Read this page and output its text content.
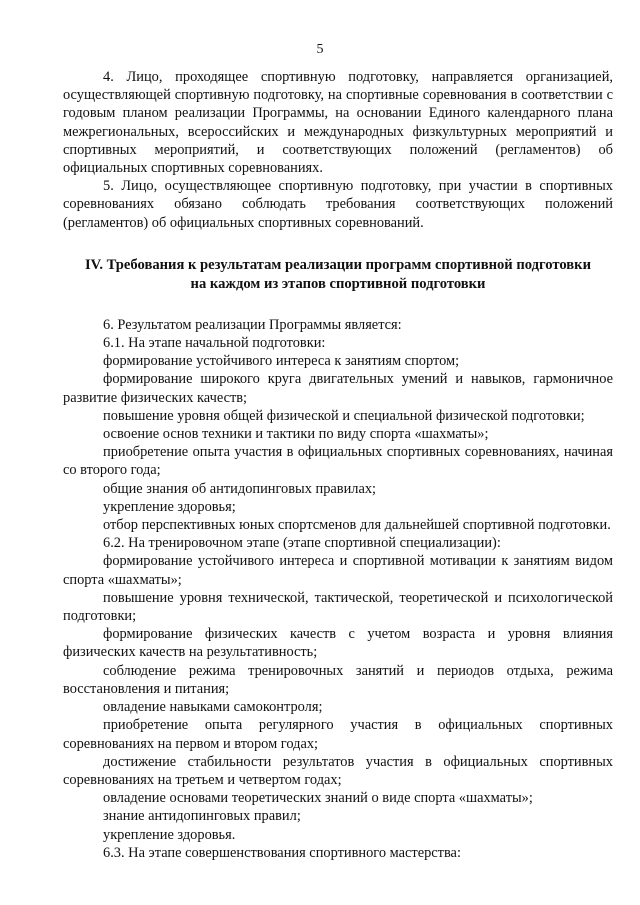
5

4. Лицо, проходящее спортивную подготовку, направляется организацией, осуществляющей спортивную подготовку, на спортивные соревнования в соответствии с годовым планом реализации Программы, на основании Единого календарного плана межрегиональных, всероссийских и международных физкультурных мероприятий и спортивных мероприятий, и соответствующих положений (регламентов) об официальных спортивных соревнованиях.

5. Лицо, осуществляющее спортивную подготовку, при участии в спортивных соревнованиях обязано соблюдать требования соответствующих положений (регламентов) об официальных спортивных соревнований.

IV. Требования к результатам реализации программ спортивной подготовки
на каждом из этапов спортивной подготовки

6. Результатом реализации Программы является:

6.1. На этапе начальной подготовки:

формирование устойчивого интереса к занятиям спортом;

формирование широкого круга двигательных умений и навыков, гармоничное развитие физических качеств;

повышение уровня общей физической и специальной физической подготовки;

освоение основ техники и тактики по виду спорта «шахматы»;

приобретение опыта участия в официальных спортивных соревнованиях, начиная со второго года;

общие знания об антидопинговых правилах;

укрепление здоровья;

отбор перспективных юных спортсменов для дальнейшей спортивной подготовки.

6.2. На тренировочном этапе (этапе спортивной специализации):

формирование устойчивого интереса и спортивной мотивации к занятиям видом спорта «шахматы»;

повышение уровня технической, тактической, теоретической и психологической подготовки;

формирование физических качеств с учетом возраста и уровня влияния физических качеств на результативность;

соблюдение режима тренировочных занятий и периодов отдыха, режима восстановления и питания;

овладение навыками самоконтроля;

приобретение опыта регулярного участия в официальных спортивных соревнованиях на первом и втором годах;

достижение стабильности результатов участия в официальных спортивных соревнованиях на третьем и четвертом годах;

овладение основами теоретических знаний о виде спорта «шахматы»;

знание антидопинговых правил;

укрепление здоровья.

6.3. На этапе совершенствования спортивного мастерства:
